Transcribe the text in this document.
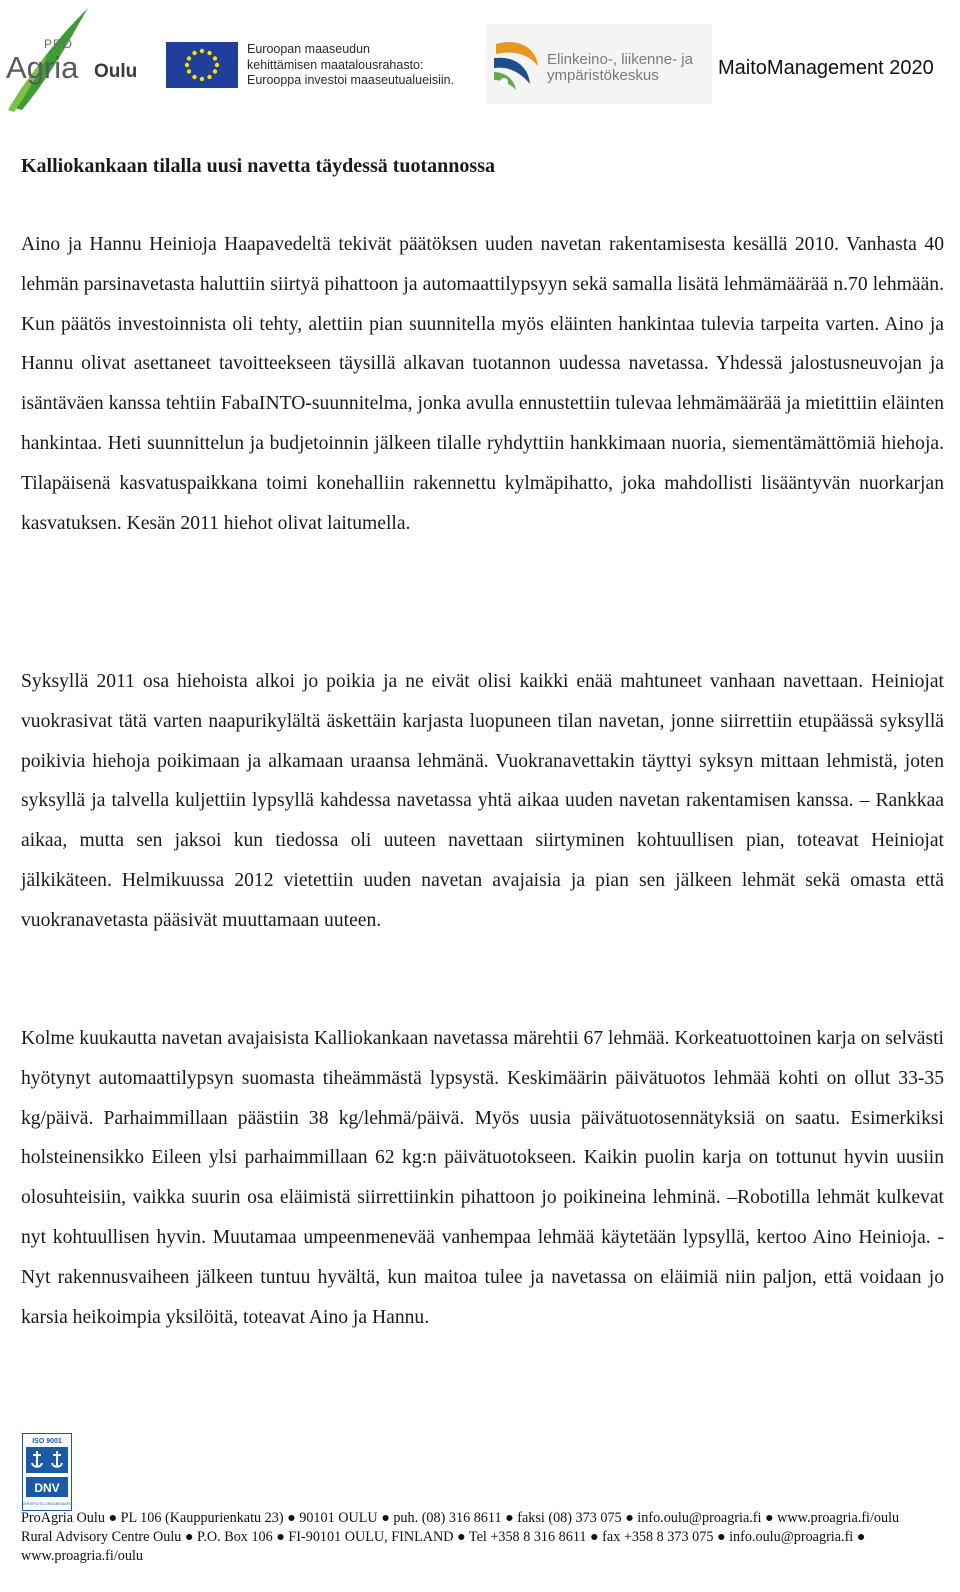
PRO
Agria Oulu
Euroopan maaseudun
kehittämisen maatalousrahasto:
Eurooppa investoi maaseutualueisiin.
Elinkeino-, liikenne- ja
ympäristökeskus	MaitoManagement 2020
Kalliokankaan tilalla uusi navetta täydessä tuotannossa

Aino ja Hannu Heinioja Haapavedeltä tekivät päätöksen uuden navetan rakentamisesta kesällä 2010. Vanhasta 40 lehmän parsinavetasta haluttiin siirtyä pihattoon ja automaattilypsyyn sekä samalla lisätä lehmämäärää n.70 lehmään. Kun päätös investoinnista oli tehty, alettiin pian suunnitella myös eläinten hankintaa tulevia tarpeita varten. Aino ja Hannu olivat asettaneet tavoitteekseen täysillä alkavan tuotannon uudessa navetassa. Yhdessä jalostusneuvojan ja isäntäväen kanssa tehtiin FabaINTO-suunnitelma, jonka avulla ennustettiin tulevaa lehmämäärää ja mietittiin eläinten hankintaa. Heti suunnittelun ja budjetoinnin jälkeen tilalle ryhdyttiin hankkimaan nuoria, siementämättömiä hiehoja. Tilapäisenä kasvatuspaikkana toimi konehalliin rakennettu kylmäpihatto, joka mahdollisti lisääntyvän nuorkarjan kasvatuksen. Kesän 2011 hiehot olivat laitumella.

Syksyllä 2011 osa hiehoista alkoi jo poikia ja ne eivät olisi kaikki enää mahtuneet vanhaan navettaan. Heiniojat vuokrasivat tätä varten naapurikylältä äskettäin karjasta luopuneen tilan navetan, jonne siirrettiin etupäässä syksyllä poikivia hiehoja poikimaan ja alkamaan uraansa lehmänä. Vuokranavettakin täyttyi syksyn mittaan lehmistä, joten syksyllä ja talvella kuljettiin lypsyllä kahdessa navetassa yhtä aikaa uuden navetan rakentamisen kanssa. – Rankkaa aikaa, mutta sen jaksoi kun tiedossa oli uuteen navettaan siirtyminen kohtuullisen pian, toteavat Heiniojat jälkikäteen. Helmikuussa 2012 vietettiin uuden navetan avajaisia ja pian sen jälkeen lehmät sekä omasta että vuokranavetasta pääsivät muuttamaan uuteen.

Kolme kuukautta navetan avajaisista Kalliokankaan navetassa märehtii 67 lehmää. Korkeatuottoinen karja on selvästi hyötynyt automaattilypsyn suomasta tiheämmästä lypsystä. Keskimäärin päivätuotos lehmää kohti on ollut 33-35 kg/päivä. Parhaimmillaan päästiin 38 kg/lehmä/päivä. Myös uusia päivätuotosennätyksiä on saatu. Esimerkiksi holsteinensikko Eileen ylsi parhaimmillaan 62 kg:n päivätuotokseen. Kaikin puolin karja on tottunut hyvin uusiin olosuhteisiin, vaikka suurin osa eläimistä siirrettiinkin pihattoon jo poikineina lehminä. –Robotilla lehmät kulkevat nyt kohtuullisen hyvin. Muutamaa umpeenmenevää vanhempaa lehmää käytetään lypsyllä, kertoo Aino Heinioja. -Nyt rakennusvaiheen jälkeen tuntuu hyvältä, kun maitoa tulee ja navetassa on eläimiä niin paljon, että voidaan jo karsia heikoimpia yksilöitä, toteavat Aino ja Hannu.

ISO 9001
DNV
SERTIFIOITU ORGANISAATIO
ProAgria Oulu ● PL 106 (Kauppurienkatu 23) ● 90101 OULU ● puh. (08) 316 8611 ● faksi (08) 373 075 ● info.oulu@proagria.fi ● www.proagria.fi/oulu
Rural Advisory Centre Oulu ● P.O. Box 106 ● FI-90101 OULU, FINLAND ● Tel +358 8 316 8611 ● fax +358 8 373 075 ● info.oulu@proagria.fi ●
www.proagria.fi/oulu
